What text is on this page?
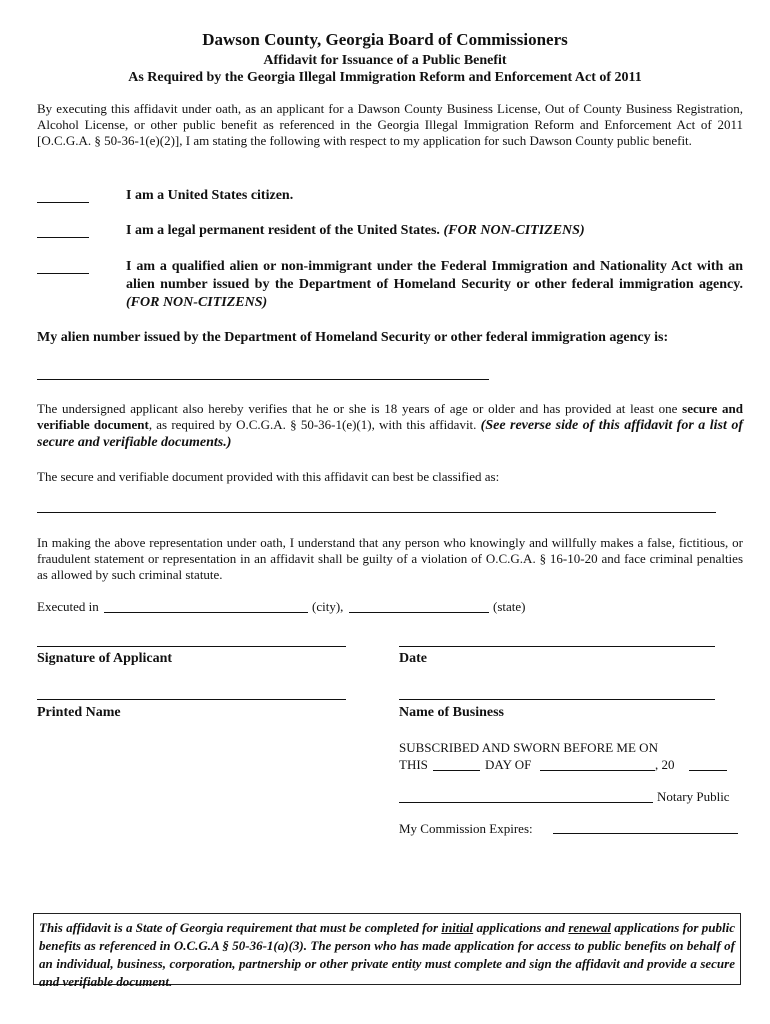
Dawson County, Georgia Board of Commissioners
Affidavit for Issuance of a Public Benefit
As Required by the Georgia Illegal Immigration Reform and Enforcement Act of 2011
By executing this affidavit under oath, as an applicant for a Dawson County Business License, Out of County Business Registration, Alcohol License, or other public benefit as referenced in the Georgia Illegal Immigration Reform and Enforcement Act of 2011 [O.C.G.A. § 50-36-1(e)(2)], I am stating the following with respect to my application for such Dawson County public benefit.
I am a United States citizen.
I am a legal permanent resident of the United States. (FOR NON-CITIZENS)
I am a qualified alien or non-immigrant under the Federal Immigration and Nationality Act with an alien number issued by the Department of Homeland Security or other federal immigration agency. (FOR NON-CITIZENS)
My alien number issued by the Department of Homeland Security or other federal immigration agency is:
The undersigned applicant also hereby verifies that he or she is 18 years of age or older and has provided at least one secure and verifiable document, as required by O.C.G.A. § 50-36-1(e)(1), with this affidavit. (See reverse side of this affidavit for a list of secure and verifiable documents.)
The secure and verifiable document provided with this affidavit can best be classified as:
In making the above representation under oath, I understand that any person who knowingly and willfully makes a false, fictitious, or fraudulent statement or representation in an affidavit shall be guilty of a violation of O.C.G.A. § 16-10-20 and face criminal penalties as allowed by such criminal statute.
Executed in	(city),	(state)
Signature of Applicant	Date
Printed Name	Name of Business
SUBSCRIBED AND SWORN BEFORE ME ON
THIS	DAY OF	, 20
Notary Public
My Commission Expires:
This affidavit is a State of Georgia requirement that must be completed for initial applications and renewal applications for public benefits as referenced in O.C.G.A § 50-36-1(a)(3). The person who has made application for access to public benefits on behalf of an individual, business, corporation, partnership or other private entity must complete and sign the affidavit and provide a secure and verifiable document.
